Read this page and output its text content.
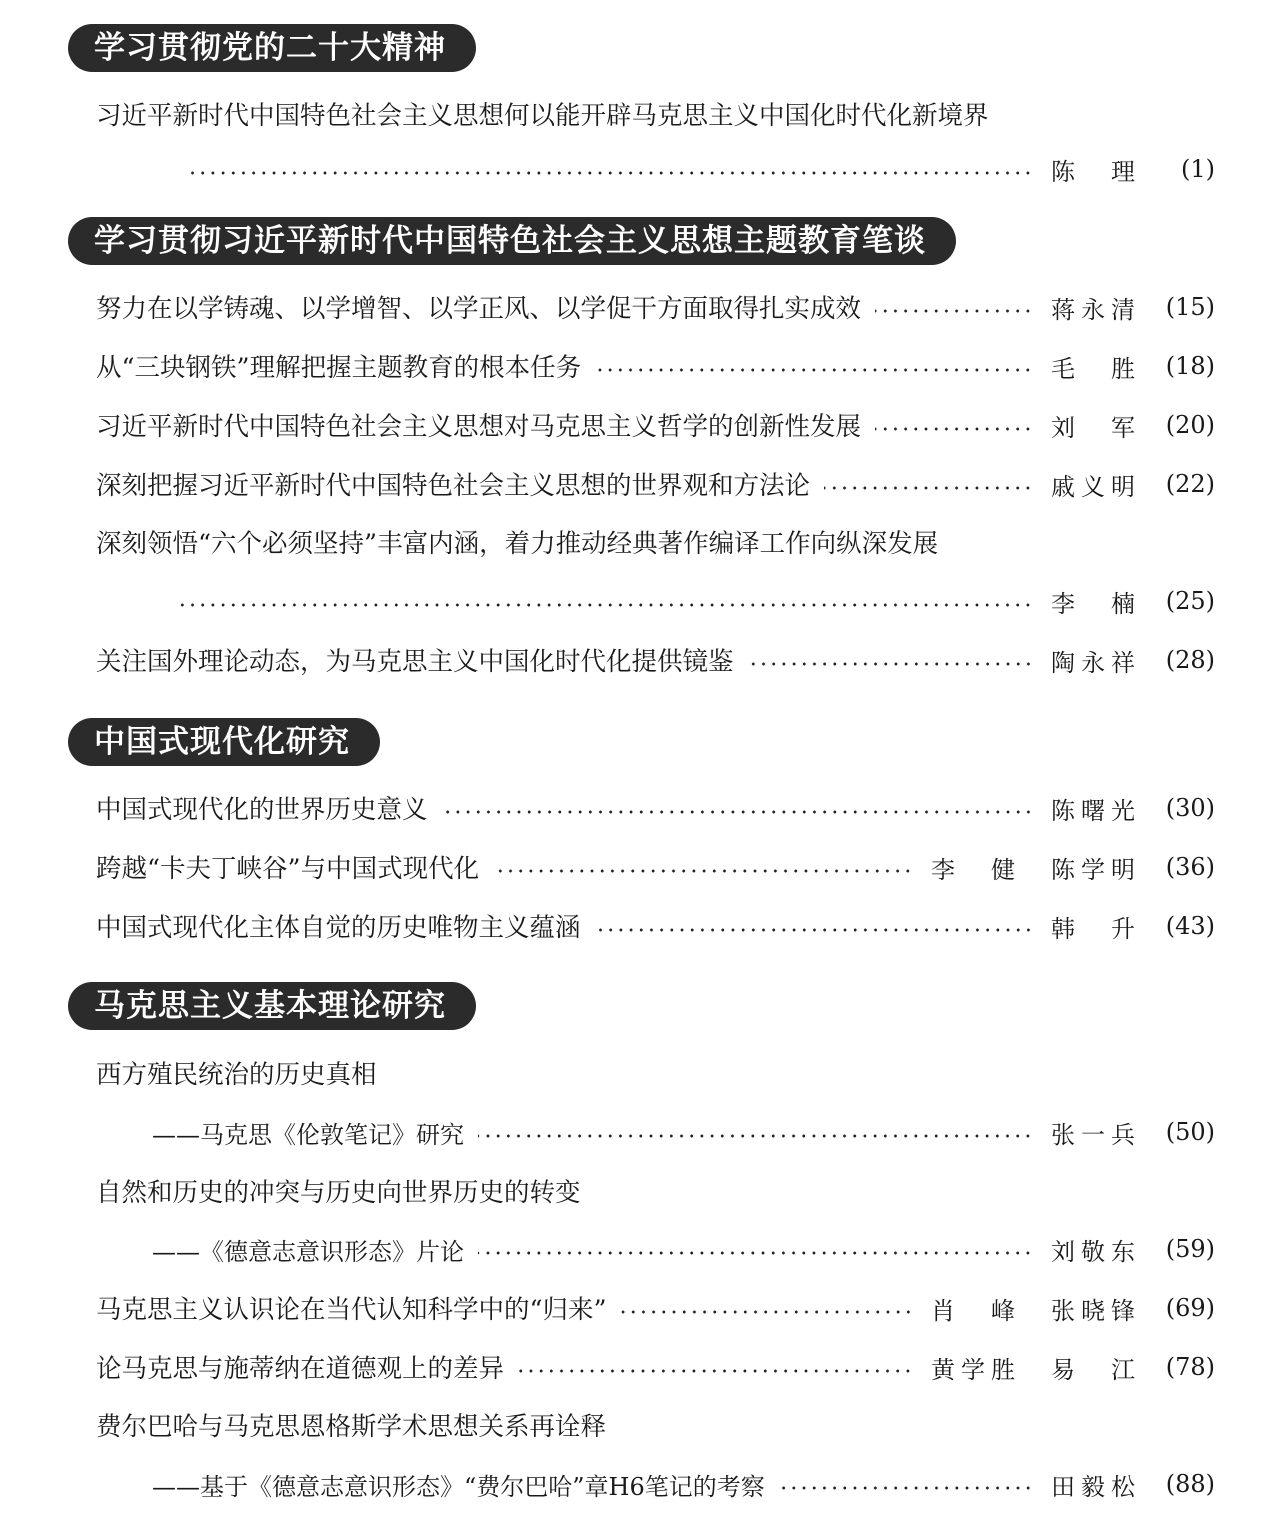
学习贯彻党的二十大精神
习近平新时代中国特色社会主义思想何以能开辟马克思主义中国化时代化新境界
陈　理	(1)
学习贯彻习近平新时代中国特色社会主义思想主题教育笔谈
努力在以学铸魂、以学增智、以学正风、以学促干方面取得扎实成效	蒋永清	(15)
从“三块钢铁”理解把握主题教育的根本任务	毛　胜	(18)
习近平新时代中国特色社会主义思想对马克思主义哲学的创新性发展	刘　军	(20)
深刻把握习近平新时代中国特色社会主义思想的世界观和方法论	戚义明	(22)
深刻领悟“六个必须坚持”丰富内涵，着力推动经典著作编译工作向纵深发展
李　楠	(25)
关注国外理论动态，为马克思主义中国化时代化提供镜鉴	陶永祥	(28)
中国式现代化研究
中国式现代化的世界历史意义	陈曙光	(30)
跨越“卡夫丁峡谷”与中国式现代化	李　健 陈学明	(36)
中国式现代化主体自觉的历史唯物主义蕴涵	韩　升	(43)
马克思主义基本理论研究
西方殖民统治的历史真相
——马克思《伦敦笔记》研究	张一兵	(50)
自然和历史的冲突与历史向世界历史的转变
——《德意志意识形态》片论	刘敬东	(59)
马克思主义认识论在当代认知科学中的“归来”	肖　峰 张晓锋	(69)
论马克思与施蒂纳在道德观上的差异	黄学胜 易　江	(78)
费尔巴哈与马克思恩格斯学术思想关系再诠释
——基于《德意志意识形态》“费尔巴哈”章H6笔记的考察	田毅松	(88)
